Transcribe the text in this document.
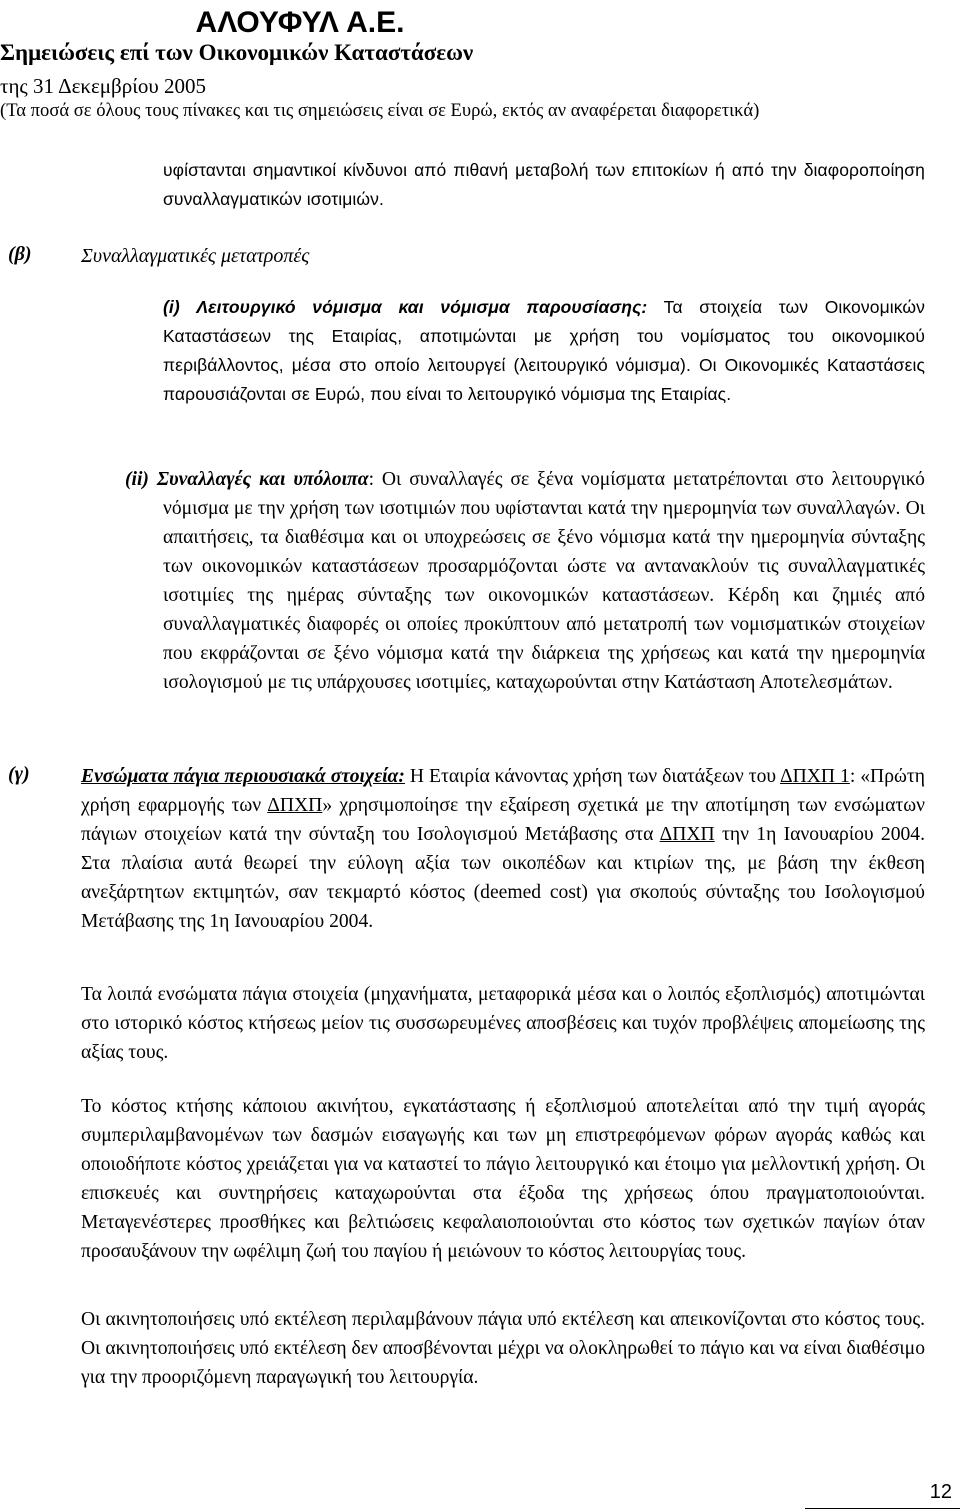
ΑΛΟΥΦΥΛ Α.Ε.
Σημειώσεις επί των Οικονομικών Καταστάσεων
της 31 Δεκεμβρίου 2005
(Τα ποσά σε όλους τους πίνακες και τις σημειώσεις είναι σε Ευρώ, εκτός αν αναφέρεται διαφορετικά)
υφίστανται σημαντικοί κίνδυνοι από πιθανή μεταβολή των επιτοκίων ή από την διαφοροποίηση συναλλαγματικών ισοτιμιών.
(β) Συναλλαγματικές μετατροπές
(i) Λειτουργικό νόμισμα και νόμισμα παρουσίασης: Τα στοιχεία των Οικονομικών Καταστάσεων της Εταιρίας, αποτιμώνται με χρήση του νομίσματος του οικονομικού περιβάλλοντος, μέσα στο οποίο λειτουργεί (λειτουργικό νόμισμα). Οι Οικονομικές Καταστάσεις παρουσιάζονται σε Ευρώ, που είναι το λειτουργικό νόμισμα της Εταιρίας.
(ii) Συναλλαγές και υπόλοιπα: Οι συναλλαγές σε ξένα νομίσματα μετατρέπονται στο λειτουργικό νόμισμα με την χρήση των ισοτιμιών που υφίστανται κατά την ημερομηνία των συναλλαγών. Οι απαιτήσεις, τα διαθέσιμα και οι υποχρεώσεις σε ξένο νόμισμα κατά την ημερομηνία σύνταξης των οικονομικών καταστάσεων προσαρμόζονται ώστε να αντανακλούν τις συναλλαγματικές ισοτιμίες της ημέρας σύνταξης των οικονομικών καταστάσεων. Κέρδη και ζημιές από συναλλαγματικές διαφορές οι οποίες προκύπτουν από μετατροπή των νομισματικών στοιχείων που εκφράζονται σε ξένο νόμισμα κατά την διάρκεια της χρήσεως και κατά την ημερομηνία ισολογισμού με τις υπάρχουσες ισοτιμίες, καταχωρούνται στην Κατάσταση Αποτελεσμάτων.
(γ)	Ενσώματα πάγια περιουσιακά στοιχεία: Η Εταιρία κάνοντας χρήση των διατάξεων του ΔΠΧΠ 1: «Πρώτη χρήση εφαρμογής των ΔΠΧΠ» χρησιμοποίησε την εξαίρεση σχετικά με την αποτίμηση των ενσώματων πάγιων στοιχείων κατά την σύνταξη του Ισολογισμού Μετάβασης στα ΔΠΧΠ την 1η Ιανουαρίου 2004. Στα πλαίσια αυτά θεωρεί την εύλογη αξία των οικοπέδων και κτιρίων της, με βάση την έκθεση ανεξάρτητων εκτιμητών, σαν τεκμαρτό κόστος (deemed cost) για σκοπούς σύνταξης του Ισολογισμού Μετάβασης της 1η Ιανουαρίου 2004.
Τα λοιπά ενσώματα πάγια στοιχεία (μηχανήματα, μεταφορικά μέσα και ο λοιπός εξοπλισμός) αποτιμώνται στο ιστορικό κόστος κτήσεως μείον τις συσσωρευμένες αποσβέσεις και τυχόν προβλέψεις απομείωσης της αξίας τους.
Το κόστος κτήσης κάποιου ακινήτου, εγκατάστασης ή εξοπλισμού αποτελείται από την τιμή αγοράς συμπεριλαμβανομένων των δασμών εισαγωγής και των μη επιστρεφόμενων φόρων αγοράς καθώς και οποιοδήποτε κόστος χρειάζεται για να καταστεί το πάγιο λειτουργικό και έτοιμο για μελλοντική χρήση. Οι επισκευές και συντηρήσεις καταχωρούνται στα έξοδα της χρήσεως όπου πραγματοποιούνται. Μεταγενέστερες προσθήκες και βελτιώσεις κεφαλαιοποιούνται στο κόστος των σχετικών παγίων όταν προσαυξάνουν την ωφέλιμη ζωή του παγίου ή μειώνουν το κόστος λειτουργίας τους.
Οι ακινητοποιήσεις υπό εκτέλεση περιλαμβάνουν πάγια υπό εκτέλεση και απεικονίζονται στο κόστος τους. Οι ακινητοποιήσεις υπό εκτέλεση δεν αποσβένονται μέχρι να ολοκληρωθεί το πάγιο και να είναι διαθέσιμο για την προοριζόμενη παραγωγική του λειτουργία.
12
